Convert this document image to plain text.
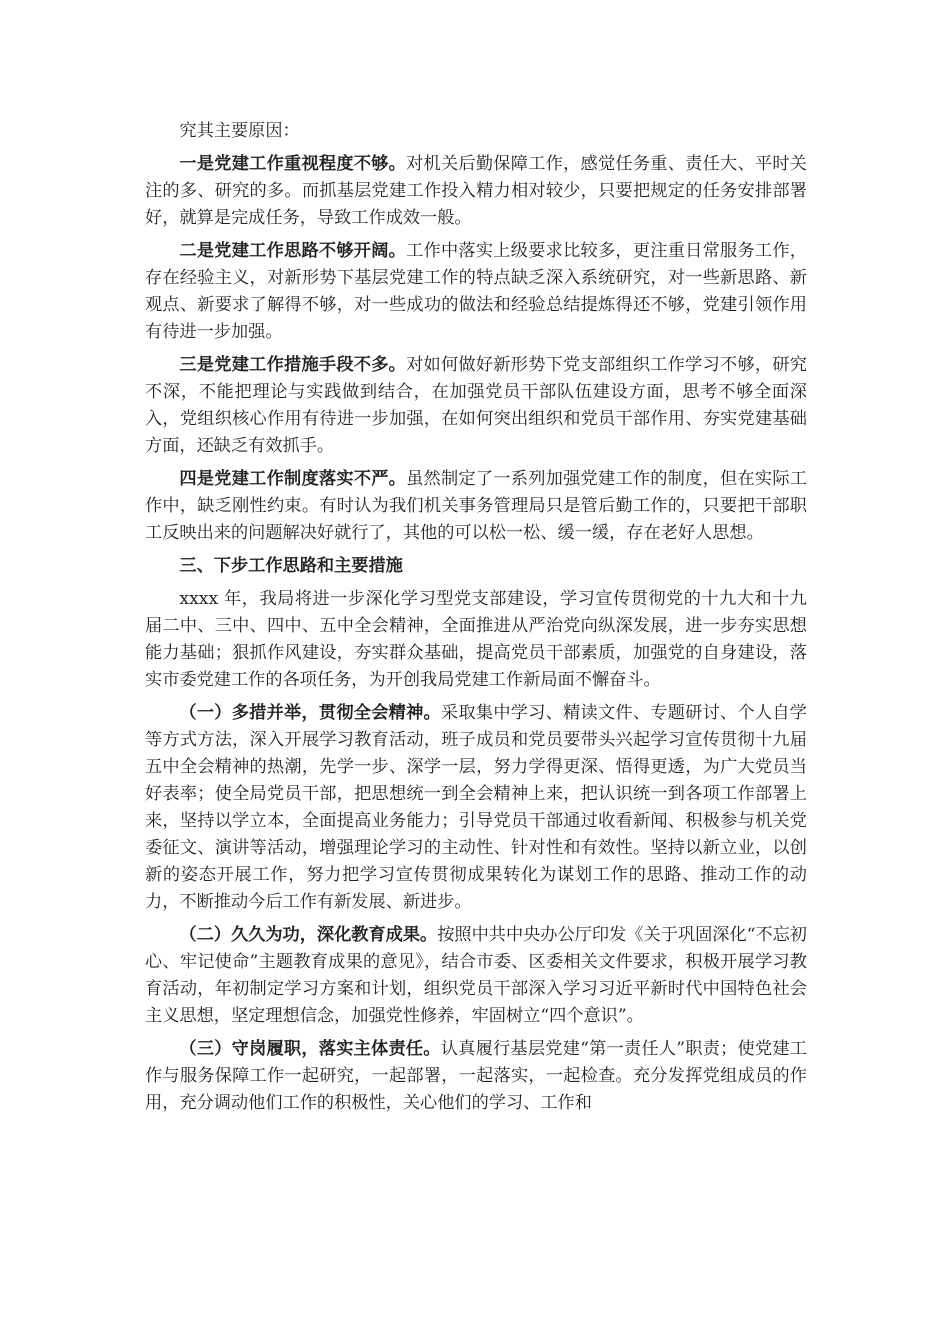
究其主要原因：

一是党建工作重视程度不够。对机关后勤保障工作，感觉任务重、责任大、平时关注的多、研究的多。而抓基层党建工作投入精力相对较少，只要把规定的任务安排部署好，就算是完成任务，导致工作成效一般。

二是党建工作思路不够开阔。工作中落实上级要求比较多，更注重日常服务工作，存在经验主义，对新形势下基层党建工作的特点缺乏深入系统研究，对一些新思路、新观点、新要求了解得不够，对一些成功的做法和经验总结提炼得还不够，党建引领作用有待进一步加强。

三是党建工作措施手段不多。对如何做好新形势下党支部组织工作学习不够，研究不深，不能把理论与实践做到结合，在加强党员干部队伍建设方面，思考不够全面深入，党组织核心作用有待进一步加强，在如何突出组织和党员干部作用、夯实党建基础方面，还缺乏有效抓手。

四是党建工作制度落实不严。虽然制定了一系列加强党建工作的制度，但在实际工作中，缺乏刚性约束。有时认为我们机关事务管理局只是管后勤工作的，只要把干部职工反映出来的问题解决好就行了，其他的可以松一松、缓一缓，存在老好人思想。

三、下步工作思路和主要措施

xxxx 年，我局将进一步深化学习型党支部建设，学习宣传贯彻党的十九大和十九届二中、三中、四中、五中全会精神，全面推进从严治党向纵深发展，进一步夯实思想能力基础；狠抓作风建设，夯实群众基础，提高党员干部素质，加强党的自身建设，落实市委党建工作的各项任务，为开创我局党建工作新局面不懈奋斗。

（一）多措并举，贯彻全会精神。采取集中学习、精读文件、专题研讨、个人自学等方式方法，深入开展学习教育活动，班子成员和党员要带头兴起学习宣传贯彻十九届五中全会精神的热潮，先学一步、深学一层，努力学得更深、悟得更透，为广大党员当好表率；使全局党员干部，把思想统一到全会精神上来，把认识统一到各项工作部署上来，坚持以学立本，全面提高业务能力；引导党员干部通过收看新闻、积极参与机关党委征文、演讲等活动，增强理论学习的主动性、针对性和有效性。坚持以新立业，以创新的姿态开展工作，努力把学习宣传贯彻成果转化为谋划工作的思路、推动工作的动力，不断推动今后工作有新发展、新进步。

（二）久久为功，深化教育成果。按照中共中央办公厅印发《关于巩固深化“不忘初心、牢记使命”主题教育成果的意见》，结合市委、区委相关文件要求，积极开展学习教育活动，年初制定学习方案和计划，组织党员干部深入学习习近平新时代中国特色社会主义思想，坚定理想信念，加强党性修养，牢固树立“四个意识”。

（三）守岗履职，落实主体责任。认真履行基层党建“第一责任人”职责；使党建工作与服务保障工作一起研究，一起部署，一起落实，一起检查。充分发挥党组成员的作用，充分调动他们工作的积极性，关心他们的学习、工作和
